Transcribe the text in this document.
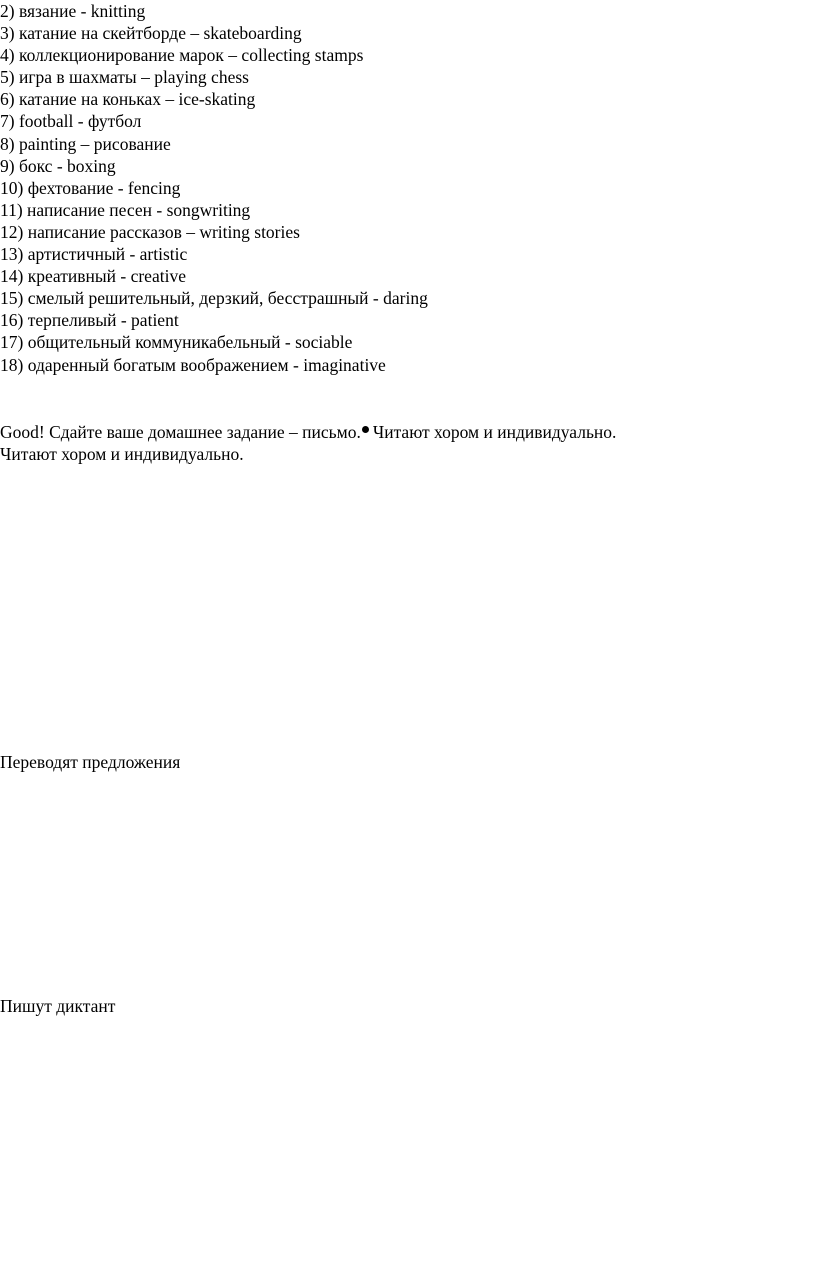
2) вязание - knitting
3) катание на скейтборде – skateboarding
4) коллекционирование марок – collecting stamps
5) игра в шахматы – playing chess
6) катание на коньках – ice-skating
7) football - футбол
8) painting – рисование
9) бокс - boxing
10) фехтование - fencing
11) написание песен - songwriting
12) написание рассказов – writing stories
13) артистичный - artistic
14) креативный - creative
15) смелый решительный, дерзкий, бесстрашный - daring
16) терпеливый - patient
17) общительный коммуникабельный - sociable
18) одаренный богатым воображением - imaginative

Good! Сдайте ваше домашнее задание – письмо. Читают хором и индивидуально.

Читают хором и индивидуально.

Переводят предложения

Пишут диктант
